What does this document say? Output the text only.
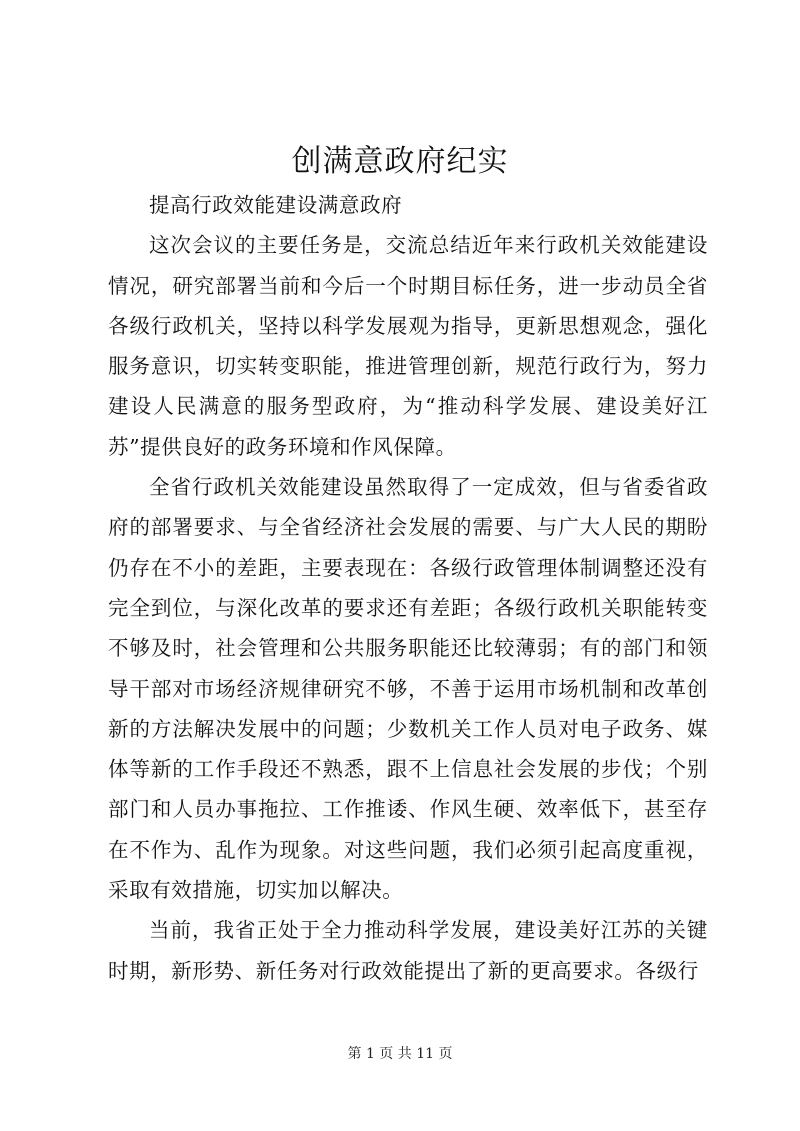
创满意政府纪实

提高行政效能建设满意政府

这次会议的主要任务是，交流总结近年来行政机关效能建设情况，研究部署当前和今后一个时期目标任务，进一步动员全省各级行政机关，坚持以科学发展观为指导，更新思想观念，强化服务意识，切实转变职能，推进管理创新，规范行政行为，努力建设人民满意的服务型政府，为“推动科学发展、建设美好江苏”提供良好的政务环境和作风保障。

全省行政机关效能建设虽然取得了一定成效，但与省委省政府的部署要求、与全省经济社会发展的需要、与广大人民的期盼仍存在不小的差距，主要表现在：各级行政管理体制调整还没有完全到位，与深化改革的要求还有差距；各级行政机关职能转变不够及时，社会管理和公共服务职能还比较薄弱；有的部门和领导干部对市场经济规律研究不够，不善于运用市场机制和改革创新的方法解决发展中的问题；少数机关工作人员对电子政务、媒体等新的工作手段还不熟悉，跟不上信息社会发展的步伐；个别部门和人员办事拖拉、工作推诿、作风生硬、效率低下，甚至存在不作为、乱作为现象。对这些问题，我们必须引起高度重视，采取有效措施，切实加以解决。

当前，我省正处于全力推动科学发展，建设美好江苏的关键时期，新形势、新任务对行政效能提出了新的更高要求。各级行

第 1 页 共 11 页
